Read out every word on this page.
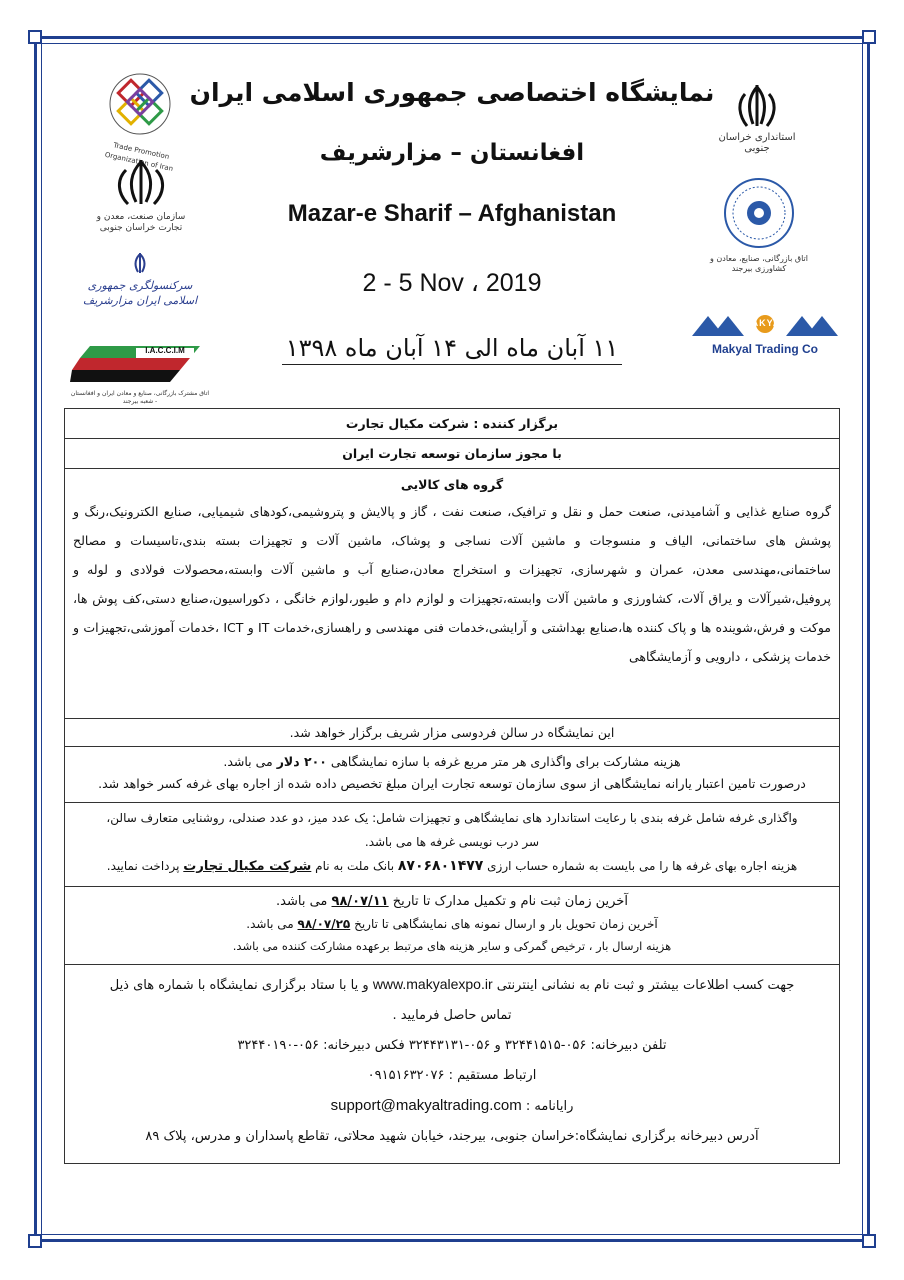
نمایشگاه اختصاصی جمهوری اسلامی ایران
افغانستان – مزارشریف
Mazar-e Sharif – Afghanistan
2 - 5 Nov ، 2019
۱۱ آبان ماه الی ۱۴ آبان ماه ۱۳۹۸
Trade Promotion Organization of Iran
سازمان صنعت، معدن و تجارت خراسان جنوبی
سرکنسولگری جمهوری اسلامی ایران مزارشریف
I.A.C.C.I.M
اتاق مشترک بازرگانی، صنایع و معادن ایران و افغانستان - شعبه بیرجند
استانداری خراسان جنوبی
اتاق بازرگانی، صنایع، معادن و کشاورزی بیرجند
MAKYAL
Makyal Trading Co
برگزار کننده : شرکت مکیال تجارت
با مجوز سازمان توسعه تجارت ایران
گروه های کالایی
گروه صنایع غذایی و آشامیدنی، صنعت حمل و نقل و ترافیک، صنعت نفت ، گاز و پالایش و پتروشیمی،کودهای شیمیایی، صنایع الکترونیک،رنگ و پوشش های ساختمانی، الیاف و منسوجات و ماشین آلات نساجی و پوشاک، ماشین آلات و تجهیزات بسته بندی،تاسیسات و مصالح ساختمانی،مهندسی معدن، عمران و شهرسازی، تجهیزات و استخراج معادن،صنایع آب و ماشین آلات وابسته،محصولات فولادی و لوله و پروفیل،شیرآلات و یراق آلات، کشاورزی و ماشین آلات وابسته،تجهیزات و لوازم دام و طیور،لوازم خانگی ، دکوراسیون،صنایع دستی،کف پوش ها، موکت و فرش،شوینده ها و پاک کننده ها،صنایع بهداشتی و آرایشی،خدمات فنی مهندسی و راهسازی،خدمات IT و ICT ،خدمات آموزشی،تجهیزات و خدمات پزشکی ، دارویی و آزمایشگاهی
این نمایشگاه در سالن فردوسی مزار شریف برگزار خواهد شد.
هزینه مشارکت برای واگذاری هر متر مربع غرفه با سازه نمایشگاهی ۲۰۰ دلار می باشد.
درصورت تامین اعتبار یارانه نمایشگاهی از سوی سازمان توسعه تجارت ایران مبلغ تخصیص داده شده از اجاره بهای غرفه کسر خواهد شد.
واگذاری غرفه شامل غرفه بندی با رعایت استاندارد های نمایشگاهی و تجهیزات شامل: یک عدد میز، دو عدد صندلی، روشنایی متعارف سالن،
سر درب نویسی غرفه ها می باشد.
هزینه اجاره بهای غرفه ها را می بایست به شماره حساب ارزی ۸۷۰۶۸۰۱۴۷۷ بانک ملت به نام شرکت مکیال تجارت پرداخت نمایید.
آخرین زمان ثبت نام و تکمیل مدارک تا تاریخ ۹۸/۰۷/۱۱ می باشد.
آخرین زمان تحویل بار و ارسال نمونه های نمایشگاهی تا تاریخ ۹۸/۰۷/۲۵ می باشد.
هزینه ارسال بار ، ترخیص گمرکی و سایر هزینه های مرتبط برعهده مشارکت کننده می باشد.
جهت کسب اطلاعات بیشتر و ثبت نام به نشانی اینترنتی www.makyalexpo.ir و یا با ستاد برگزاری نمایشگاه با شماره های ذیل
تماس حاصل فرمایید .
تلفن دبیرخانه: ۰۵۶-۳۲۴۴۱۵۱۵ و ۰۵۶-۳۲۴۴۳۱۳۱ فکس دبیرخانه: ۰۵۶-۳۲۴۴۰۱۹۰
ارتباط مستقیم : ۰۹۱۵۱۶۳۲۰۷۶
رایانامه : support@makyaltrading.com
آدرس دبیرخانه برگزاری نمایشگاه:خراسان جنوبی، بیرجند، خیابان شهید محلاتی، تقاطع پاسداران و مدرس، پلاک ۸۹
